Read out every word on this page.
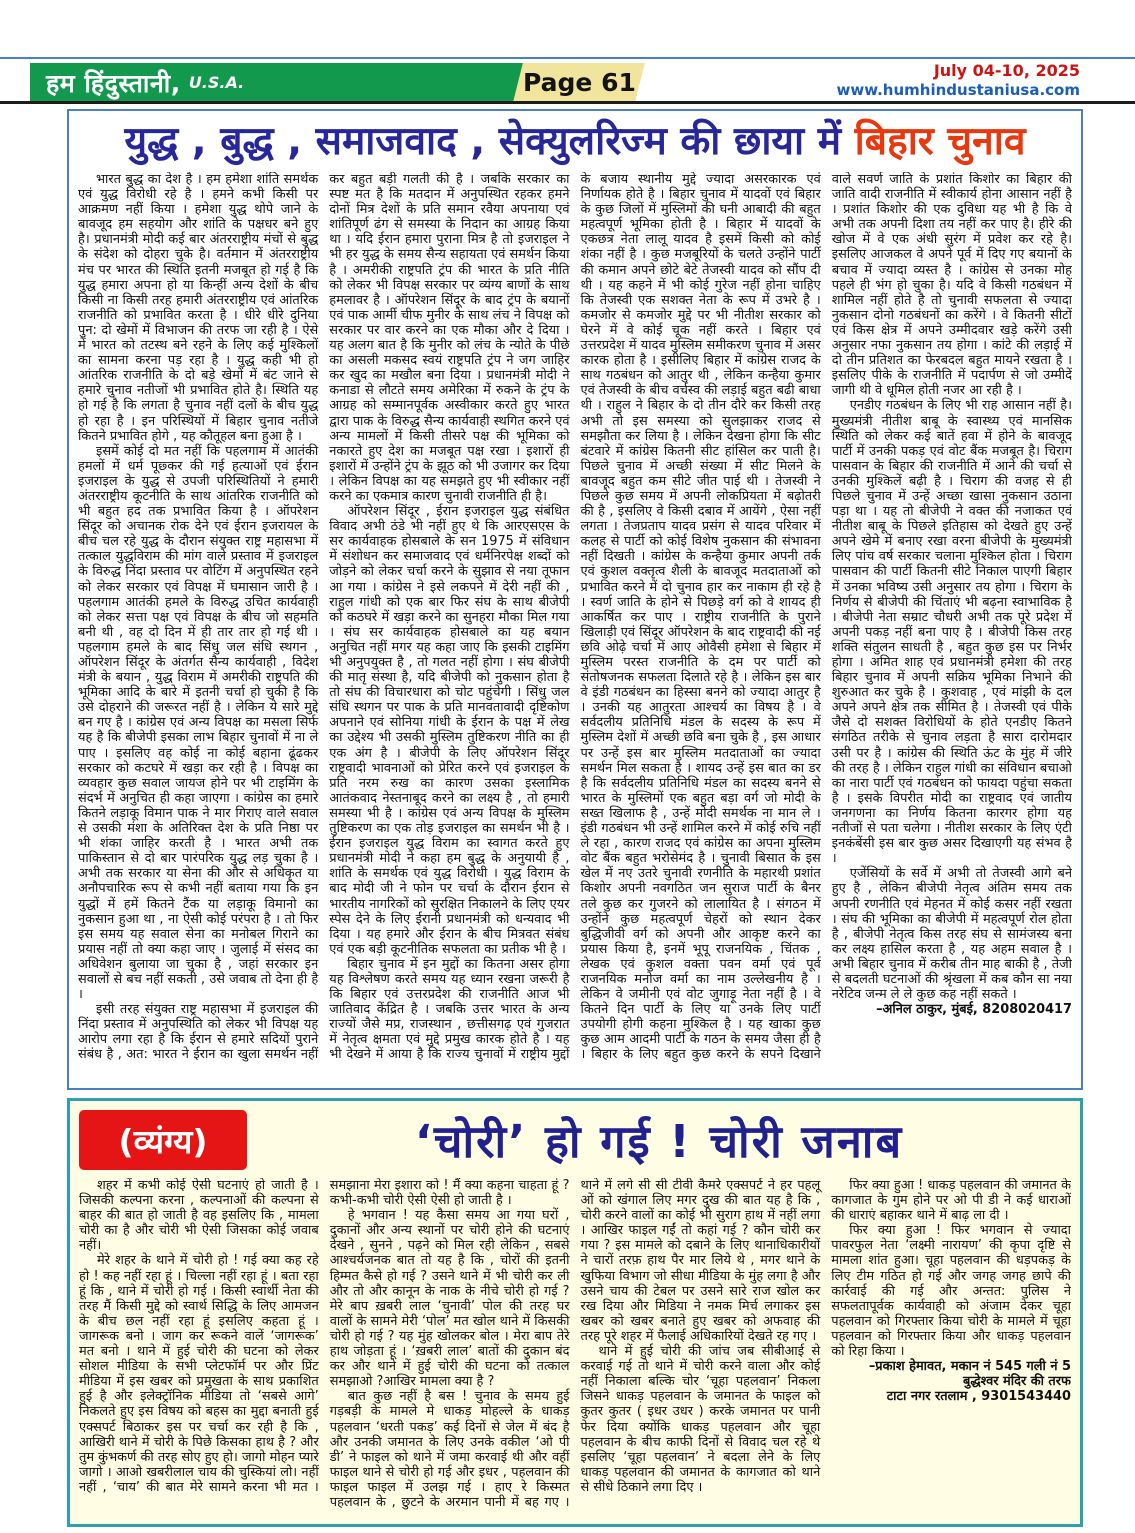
हम हिंदुस्तानी, U.S.A.	Page 61	July 04-10, 2025
www.humhindustaniusa.com
युद्ध , बुद्ध , समाजवाद , सेक्युलरिज्म की छाया में बिहार चुनाव

भारत बुद्ध का देश है । हम हमेशा शांति समर्थक एवं युद्ध विरोधी रहे है । हमने कभी किसी पर आक्रमण नहीं किया । हमेशा युद्ध थोपे जाने के बावजूद हम सहयोग और शांति के पक्षधर बने हुए है। प्रधानमंत्री मोदी कई बार अंतरराष्ट्रीय मंचों से बुद्ध के संदेश को दोहरा चुके है। वर्तमान में अंतरराष्ट्रीय मंच पर भारत की स्थिति इतनी मजबूत हो गई है कि युद्ध हमारा अपना हो या किन्हीं अन्य देशों के बीच किसी ना किसी तरह हमारी अंतरराष्ट्रीय एवं आंतरिक राजनीति को प्रभावित करता है । धीरे धीरे दुनिया पुन: दो खेमों में विभाजन की तरफ जा रही है । ऐसे में भारत को तटस्थ बने रहने के लिए कई मुश्किलों का सामना करना पड़ रहा है । युद्ध कही भी हो आंतरिक राजनीति के दो बड़े खेमों में बंट जाने से हमारे चुनाव नतीजों भी प्रभावित होते है। स्थिति यह हो गई है कि लगता है चुनाव नहीं दलों के बीच युद्ध हो रहा है । इन परिस्थियों में बिहार चुनाव नतीजे कितने प्रभावित होगे , यह कौतूहल बना हुआ है ।

इसमें कोई दो मत नहीं कि पहलगाम में आतंकी हमलों में धर्म पूछ्कर की गई हत्याओं एवं ईरान इजराइल के युद्ध से उपजी परिस्थितियों ने हमारी अंतरराष्ट्रीय कूटनीति के साथ आंतरिक राजनीति को भी बहुत हद तक प्रभावित किया है । ऑपरेशन सिंदूर को अचानक रोक देने एवं ईरान इजरायल के बीच चल रहे युद्ध के दौरान संयुक्त राष्ट्र महासभा में तत्काल युद्धविराम की मांग वाले प्रस्ताव में इजराइल के विरुद्ध निंदा प्रस्ताव पर वोटिंग में अनुपस्थित रहने को लेकर सरकार एवं विपक्ष में घमासान जारी है । पहलगाम आतंकी हमले के विरुद्ध उचित कार्यवाही को लेकर सत्ता पक्ष एवं विपक्ष के बीच जो सहमति बनी थी , वह दो दिन में ही तार तार हो गई थी । पहलगाम हमले के बाद सिंधु जल संधि स्थगन , ऑपरेशन सिंदूर के अंतर्गत सैन्य कार्यवाही , विदेश मंत्री के बयान , युद्ध विराम में अमरीकी राष्ट्रपति की भूमिका आदि के बारे में इतनी चर्चा हो चुकी है कि उसे दोहराने की जरूरत नहीं है । लेकिन ये सारे मुद्दे बन गए है । कांग्रेस एवं अन्य विपक्ष का मसला सिर्फ यह है कि बीजेपी इसका लाभ बिहार चुनावों में ना ले पाए । इसलिए वह कोई ना कोई बहाना ढूंढकर सरकार को कटघरे में खड़ा कर रही है । विपक्ष का व्यवहार कुछ सवाल जायज होने पर भी टाइमिंग के संदर्भ में अनुचित ही कहा जाएगा । कांग्रेस का हमारे कितने लड़ाकू विमान पाक ने मार गिराए वाले सवाल से उसकी मंशा के अतिरिक्त देश के प्रति निष्ठा पर भी शंका जाहिर करती है । भारत अभी तक पाकिस्तान से दो बार पारंपरिक युद्ध लड़ चुका है । अभी तक सरकार या सेना की और से अधिकृत या अनौपचारिक रूप से कभी नहीं बताया गया कि इन युद्धों में हमें कितने टैंक या लड़ाकू विमानो का नुकसान हुआ था , ना ऐसी कोई परंपरा है । तो फिर इस समय यह सवाल सेना का मनोबल गिराने का प्रयास नहीं तो क्या कहा जाए । जुलाई में संसद का अधिवेशन बुलाया जा चुका है , जहां सरकार इन सवालों से बच नहीं सकती , उसे जवाब तो देना ही है ।

इसी तरह संयुक्त राष्ट्र महासभा में इजराइल की निंदा प्रस्ताव में अनुपस्थिति को लेकर भी विपक्ष यह आरोप लगा रहा है कि ईरान से हमारे सदियों पुराने संबंध है , अत: भारत ने ईरान का खुला समर्थन नहीं कर बहुत बड़ी गलती की है । जबकि सरकार का स्पष्ट मत है कि मतदान में अनुपस्थित रहकर हमने दोनों मित्र देशों के प्रति समान रवैया अपनाया एवं शांतिपूर्ण ढंग से समस्या के निदान का आग्रह किया था । यदि ईरान हमारा पुराना मित्र है तो इजराइल ने भी हर युद्ध के समय सैन्य सहायता एवं समर्थन किया है । अमरीकी राष्ट्रपति ट्रंप की भारत के प्रति नीति को लेकर भी विपक्ष सरकार पर व्यंग्य बाणों के साथ हमलावर है । ऑपरेशन सिंदूर के बाद ट्रंप के बयानों एवं पाक आर्मी चीफ मुनीर के साथ लंच ने विपक्ष को सरकार पर वार करने का एक मौका और दे दिया । यह अलग बात है कि मुनीर को लंच के न्योते के पीछे का असली मकसद स्वयं राष्ट्रपति ट्रंप ने जग जाहिर कर खुद का मखौल बना दिया । प्रधानमंत्री मोदी ने कनाडा से लौटते समय अमेरिका में रुकने के ट्रंप के आग्रह को सम्मानपूर्वक अस्वीकार करते हुए भारत द्वारा पाक के विरुद्ध सैन्य कार्यवाही स्थगित करने एवं अन्य मामलों में किसी तीसरे पक्ष की भूमिका को नकारते हुए देश का मजबूत पक्ष रखा । इशारों ही इशारों में उन्होंने ट्रंप के झूठ को भी उजागर कर दिया । लेकिन विपक्ष का यह समझते हुए भी स्वीकार नहीं करने का एकमात्र कारण चुनावी राजनीति ही है।

ऑपरेशन सिंदूर , ईरान इजराइल युद्ध संबंधित विवाद अभी ठंडे भी नहीं हुए थे कि आरएसएस के सर कार्यवाहक होसबाले के सन 1975 में संविधान में संशोधन कर समाजवाद एवं धर्मनिरपेक्ष शब्दों को जोड़ने को लेकर चर्चा करने के सुझाव से नया तूफान आ गया । कांग्रेस ने इसे लकपने में देरी नहीं की , राहुल गांधी को एक बार फिर संघ के साथ बीजेपी को कठघरे में खड़ा करने का सुनहरा मौका मिल गया । संघ सर कार्यवाहक होसबाले का यह बयान अनुचित नहीं मगर यह कहा जाए कि इसकी टाइमिंग भी अनुपयुक्त है , तो गलत नहीं होगा । संघ बीजेपी की मातृ संस्था है, यदि बीजेपी को नुकसान होता है तो संघ की विचारधारा को चोट पहुंचेगी । सिंधु जल संधि स्थगन पर पाक के प्रति मानवतावादी दृष्टिकोण अपनाने एवं सोनिया गांधी के ईरान के पक्ष में लेख का उद्देश्य भी उसकी मुस्लिम तुष्टिकरण नीति का ही एक अंग है । बीजेपी के लिए ऑपरेशन सिंदूर राष्ट्रवादी भावनाओं को प्रेरित करने एवं इजराइल के प्रति नरम रुख का कारण उसका इस्लामिक आतंकवाद नेस्तनाबूद करने का लक्ष्य है , तो हमारी समस्या भी है । कांग्रेस एवं अन्य विपक्ष के मुस्लिम तुष्टिकरण का एक तोड़ इजराइल का समर्थन भी है । ईरान इजराइल युद्ध विराम का स्वागत करते हुए प्रधानमंत्री मोदी ने कहा हम बुद्ध के अनुयायी है , शांति के समर्थक एवं युद्ध विरोधी । युद्ध विराम के बाद मोदी जी ने फोन पर चर्चा के दौरान ईरान से भारतीय नागरिकों को सुरक्षित निकालने के लिए एयर स्पेस देने के लिए ईरानी प्रधानमंत्री को धन्यवाद भी दिया । यह हमारे और ईरान के बीच मित्रवत संबंध एवं एक बड़ी कूटनीतिक सफलता का प्रतीक भी है ।

बिहार चुनाव में इन मुद्दों का कितना असर होगा यह विश्लेषण करते समय यह ध्यान रखना जरूरी है कि बिहार एवं उत्तरप्रदेश की राजनीति आज भी जातिवाद केंद्रित है । जबकि उत्तर भारत के अन्य राज्यों जैसे मप्र, राजस्थान , छत्तीसगढ़ एवं गुजरात में नेतृत्व क्षमता एवं मुद्दे प्रमुख कारक होते है । यह भी देखने में आया है कि राज्य चुनावों में राष्ट्रीय मुद्दों के बजाय स्थानीय मुद्दे ज्यादा असरकारक एवं निर्णायक होते है । बिहार चुनाव में यादवों एवं बिहार के कुछ जिलों में मुस्लिमों की घनी आबादी की बहुत महत्वपूर्ण भूमिका होती है । बिहार में यादवों के एकछत्र नेता लालू यादव है इसमें किसी को कोई शंका नहीं है । कुछ मजबूरियों के चलते उन्होंने पार्टी की कमान अपने छोटे बेटे तेजस्वी यादव को सौंप दी थी । यह कहने में भी कोई गुरेज नहीं होना चाहिए कि तेजस्वी एक सशक्त नेता के रूप में उभरे है । कमजोर से कमजोर मुद्दे पर भी नीतीश सरकार को घेरने में वे कोई चूक नहीं करते । बिहार एवं उत्तरप्रदेश में यादव मुस्लिम समीकरण चुनाव में असर कारक होता है । इसीलिए बिहार में कांग्रेस राजद के साथ गठबंधन को आतुर थी , लेकिन कन्हैया कुमार एवं तेजस्वी के बीच वर्चस्व की लड़ाई बहुत बढी बाधा थी । राहुल ने बिहार के दो तीन दौरे कर किसी तरह अभी तो इस समस्या को सुलझाकर राजद से समझौता कर लिया है । लेकिन देखना होगा कि सीट बंटवारे में कांग्रेस कितनी सीट हांसिल कर पाती है। पिछले चुनाव में अच्छी संख्या में सीट मिलने के बावजूद बहुत कम सीटे जीत पाई थी । तेजस्वी ने पिछले कुछ समय में अपनी लोकप्रियता में बढ़ोतरी की है , इसलिए वे किसी दबाव में आयेंगे , ऐसा नहीं लगता । तेजप्रताप यादव प्रसंग से यादव परिवार में कलह से पार्टी को कोई विशेष नुकसान की संभावना नहीं दिखती । कांग्रेस के कन्हैया कुमार अपनी तर्क एवं कुशल वक्तृत्व शैली के बावजूद मतदाताओं को प्रभावित करने में दो चुनाव हार कर नाकाम ही रहे है । स्वर्ण जाति के होने से पिछड़े वर्ग को वे शायद ही आकर्षित कर पाए । राष्ट्रीय राजनीति के पुराने खिलाड़ी एवं सिंदूर ऑपरेशन के बाद राष्ट्रवादी की नई छवि ओढ़े चर्चा में आए ओवैसी हमेशा से बिहार में मुस्लिम परस्त राजनीति के दम पर पार्टी को संतोषजनक सफलता दिलाते रहे है । लेकिन इस बार वे इंडी गठबंधन का हिस्सा बनने को ज्यादा आतुर है । उनकी यह आतुरता आश्चर्य का विषय है । वे सर्वदलीय प्रतिनिधि मंडल के सदस्य के रूप में मुस्लिम देशों में अच्छी छवि बना चुके है , इस आधार पर उन्हें इस बार मुस्लिम मतदाताओं का ज्यादा समर्थन मिल सकता है । शायद उन्हें इस बात का डर है कि सर्वदलीय प्रतिनिधि मंडल का सदस्य बनने से भारत के मुस्लिमों एक बहुत बड़ा वर्ग जो मोदी के सख्त खिलाफ है , उन्हें मोदी समर्थक ना मान ले । इंडी गठबंधन भी उन्हें शामिल करने में कोई रुचि नहीं ले रहा , कारण राजद एवं कांग्रेस का अपना मुस्लिम वोट बैंक बहुत भरोसेमंद है । चुनावी बिसात के इस खेल में नए उतरे चुनावी रणनीति के महारथी प्रशांत किशोर अपनी नवगठित जन सुराज पार्टी के बैनर तले कुछ कर गुजरने को लालायित है । संगठन में उन्होंने कुछ महत्वपूर्ण चेहरों को स्थान देकर बुद्धिजीवी वर्ग को अपनी और आकृष्ट करने का प्रयास किया है, इनमें भूपू राजनयिक , चिंतक , लेखक एवं कुशल वक्ता पवन वर्मा एवं पूर्व राजनयिक मनोज वर्मा का नाम उल्लेखनीय है । लेकिन वे जमीनी एवं वोट जुगाड़ू नेता नहीं है । वे कितने दिन पार्टी के लिए या उनके लिए पार्टी उपयोगी होगी कहना मुश्किल है । यह खाका कुछ कुछ आम आदमी पार्टी के गठन के समय जैसा ही है । बिहार के लिए बहुत कुछ करने के सपने दिखाने वाले सवर्ण जाति के प्रशांत किशोर का बिहार की जाति वादी राजनीति में स्वीकार्य होना आसान नहीं है । प्रशांत किशोर की एक दुविधा यह भी है कि वे अभी तक अपनी दिशा तय नहीं कर पाए है। हीरे की खोज में वे एक अंधी सुरंग में प्रवेश कर रहे है। इसलिए आजकल वे अपने पूर्व में दिए गए बयानों के बचाव में ज्यादा व्यस्त है । कांग्रेस से उनका मोह पहले ही भंग हो चुका है। यदि वे किसी गठबंधन में शामिल नहीं होते है तो चुनावी सफलता से ज्यादा नुकसान दोनो गठबंधनों का करेंगे । वे कितनी सीटों एवं किस क्षेत्र में अपने उम्मीदवार खड़े करेंगे उसी अनुसार नफा नुकसान तय होगा । कांटे की लड़ाई में दो तीन प्रतिशत का फेरबदल बहुत मायने रखता है । इसलिए पीके के राजनीति में पदार्पण से जो उम्मीदें जागी थी वे धूमिल होती नजर आ रही है ।

एनडीए गठबंधन के लिए भी राह आसान नहीं है। मुख्यमंत्री नीतीश बाबू के स्वास्थ्य एवं मानसिक स्थिति को लेकर कई बातें हवा में होने के बावजूद पार्टी में उनकी पकड़ एवं वोट बैंक मजबूत है। चिराग पासवान के बिहार की राजनीति में आने की चर्चा से उनकी मुश्किलें बढ़ी है । चिराग की वजह से ही पिछले चुनाव में उन्हें अच्छा खासा नुकसान उठाना पड़ा था । यह तो बीजेपी ने वक्त की नजाकत एवं नीतीश बाबू के पिछले इतिहास को देखते हुए उन्हें अपने खेमे में बनाए रखा वरना बीजेपी के मुख्यमंत्री लिए पांच वर्ष सरकार चलाना मुश्किल होता । चिराग पासवान की पार्टी कितनी सीटे निकाल पाएगी बिहार में उनका भविष्य उसी अनुसार तय होगा । चिराग के निर्णय से बीजेपी की चिंताएं भी बढ़ना स्वाभाविक है । बीजेपी नेता सम्राट चौधरी अभी तक पूरे प्रदेश में अपनी पकड़ नहीं बना पाए है । बीजेपी किस तरह शक्ति संतुलन साधती है , बहुत कुछ इस पर निर्भर होगा । अमित शाह एवं प्रधानमंत्री हमेशा की तरह बिहार चुनाव में अपनी सक्रिय भूमिका निभाने की शुरुआत कर चुके है । कुशवाह , एवं मांझी के दल अपने अपने क्षेत्र तक सीमित है । तेजस्वी एवं पीके जैसे दो सशक्त विरोधियों के होते एनडीए कितने संगठित तरीके से चुनाव लड़ता है सारा दारोमदार उसी पर है । कांग्रेस की स्थिति ऊंट के मुंह में जीरे की तरह है । लेकिन राहुल गांधी का संविधान बचाओ का नारा पार्टी एवं गठबंधन को फायदा पहुंचा सकता है । इसके विपरीत मोदी का राष्ट्रवाद एवं जातीय जनगणना का निर्णय कितना कारगर होगा यह नतीजों से पता चलेगा । नीतीश सरकार के लिए एंटी इनकंबेंसी इस बार कुछ असर दिखाएगी यह संभव है ।

एजेंसियों के सर्वे में अभी तो तेजस्वी आगे बने हुए है , लेकिन बीजेपी नेतृत्व अंतिम समय तक अपनी रणनीति एवं मेहनत में कोई कसर नहीं रखता । संघ की भूमिका का बीजेपी में महत्वपूर्ण रोल होता है , बीजेपी नेतृत्व किस तरह संघ से सामंजस्य बना कर लक्ष्य हासिल करता है , यह अहम सवाल है । अभी बिहार चुनाव में करीब तीन माह बाकी है , तेजी से बदलती घटनाओं की श्रृंखला में कब कौन सा नया नरेटिव जन्म ले ले कुछ कह नहीं सकते ।

–अनिल ठाकुर, मुंबई, 8208020417

(व्यंग्य)	‘चोरी’ हो गई ! चोरी जनाब

शहर में कभी कोई ऐसी घटनाएं हो जाती है । जिसकी कल्पना करना , कल्पनाओं की कल्पना से बाहर की बात हो जाती है वह इसलिए कि , मामला चोरी का है और चोरी भी ऐसी जिसका कोई जवाब नहीं।

मेरे शहर के थाने में चोरी हो ! गई क्या कह रहे हो ! कह नहीं रहा हूं । चिल्ला नहीं रहा हूं । बता रहा हूं कि , थाने में चोरी हो गई । किसी स्वार्थी नेता की तरह मैं किसी मुद्दे को स्वार्थ सिद्धि के लिए आमजन के बीच छल नहीं रहा हूं इसलिए कहता हूं । जागरूक बनो । जाग कर रूकने वालें ‘जागरूक’ मत बनो । थाने में हुई चोरी की घटना को लेकर सोशल मीडिया के सभी प्लेटफॉर्म पर और प्रिंट मीडिया में इस खबर को प्रमुखता के साथ प्रकाशित हुई है और इलेक्ट्रॉनिक मीडिया तो ‘सबसे आगे’ निकलते हुए इस विषय को बहस का मुद्दा बनाती हुई एक्सपर्ट बिठाकर इस पर चर्चा कर रही है कि , आखिरी थाने में चोरी के पिछे किसका हाथ है ? और तुम कुंभकर्ण की तरह सोए हुए हो। जागो मोहन प्यारे जागो । आओ खबरीलाल चाय की चुस्कियां लो। नहीं नहीं , ‘चाय’ की बात मेरे सामने करना भी मत । समझाना मेरा इशारा को ! मैं क्या कहना चाहता हूं ? कभी-कभी चोरी ऐसी ऐसी हो जाती है ।

हे भगवान ! यह कैसा समय आ गया घरों , दुकानों और अन्य स्थानों पर चोरी होने की घटनाएं देखने , सुनने , पढ़ने को मिल रही लेकिन , सबसे आश्चर्यजनक बात तो यह है कि , चोरों की इतनी हिम्मत कैसे हो गई ? उसने थाने में भी चोरी कर ली और तो और कानून के नाक के नीचे चोरी हो गई ? मेरे बाप ख़बरी लाल ‘चुनावी’ पोल की तरह घर वालों के सामने मेरी ‘पोल’ मत खोल थाने में किसकी चोरी हो गई ? यह मुंह खोलकर बोल । मेरा बाप तेरे हाथ जोड़ता हूं । ‘ख़बरी लाल’ बातों की दुकान बंद कर और थाने में हुई चोरी की घटना को तत्काल समझाओ ?आखिर मामला क्या है ?

बात कुछ नहीं है बस ! चुनाव के समय हुई गड़बड़ी के मामले मे धाकड़ मोहल्ले के धाकड़ पहलवान ‘धरती पकड़’ कई दिनों से जेल में बंद है और उनकी जमानत के लिए उनके वकील ‘ओ पी डी’ ने फाइल को थाने में जमा करवाई थी और वहीं फाइल थाने से चोरी हो गई और इधर , पहलवान की फाइल फाइल में उलझ गई । हाए रे किस्मत पहलवान के , छुटने के अरमान पानी में बह गए । थाने में लगे सी सी टीवी कैमरे एक्सपर्ट ने हर पहलू ओं को खंगाल लिए मगर दुख की बात यह है कि , चोरी करने वालों का कोई भी सुराग हाथ में नहीं लगा । आखिर फाइल गईं तो कहां गई ? कौन चोरी कर गया ? इस मामले को दबाने के लिए थानाधिकारीयों ने चारों तरफ़ हाथ पैर मार लिये थे , मगर थाने के खुफिया विभाग जो सीधा मीडिया के मुंह लगा है और उसने चाय की टेबल पर उसने सारे राज खोल कर रख दिया और मिडिया ने नमक मिर्च लगाकर इस खबर को खबर बनाते हुए खबर को अफवाह की तरह पूरे शहर में फैलाई अधिकारियों देखते रह गए ।

थाने में हुई चोरी की जांच जब सीबीआई से करवाई गई तो थाने में चोरी करने वाला और कोई नहीं निकाला बल्कि चोर ‘चूहा पहलवान’ निकला जिसने धाकड़ पहलवान के जमानत के फाइल को कुतर कुतर ( इधर उधर ) करके जमानत पर पानी फेर दिया क्योंकि धाकड़ पहलवान और चूहा पहलवान के बीच काफी दिनों से विवाद चल रहे थे इसलिए ‘चूहा पहलवान’ ने बदला लेने के लिए धाकड़ पहलवान की जमानत के कागजात को थाने से सीधे ठिकाने लगा दिए ।

फिर क्या हुआ ! धाकड़ पहलवान की जमानत के कागजात के गुम होने पर ओ पी डी ने कई धाराओं की धाराएं बहाकर थाने में बाढ़ ला दी ।

फिर क्या हुआ ! फिर भगवान से ज्यादा पावरफुल नेता ‘लक्ष्मी नारायण’ की कृपा दृष्टि से मामला शांत हुआ। चूहा पहलवान की धड़पकड़ के लिए टीम गठित हो गई और जगह जगह छापे की कार्रवाई की गई और अन्तत: पुलिस ने सफलतापूर्वक कार्यवाही को अंजाम देकर चूहा पहलवान को गिरफ्तार किया चोरी के मामले में चूहा पहलवान को गिरफ्तार किया और धाकड़ पहलवान को रिहा किया ।

–प्रकाश हेमावत, मकान नं 545 गली नं 5

बुद्धेश्वर मंदिर की तरफ

टाटा नगर रतलाम , 9301543440
